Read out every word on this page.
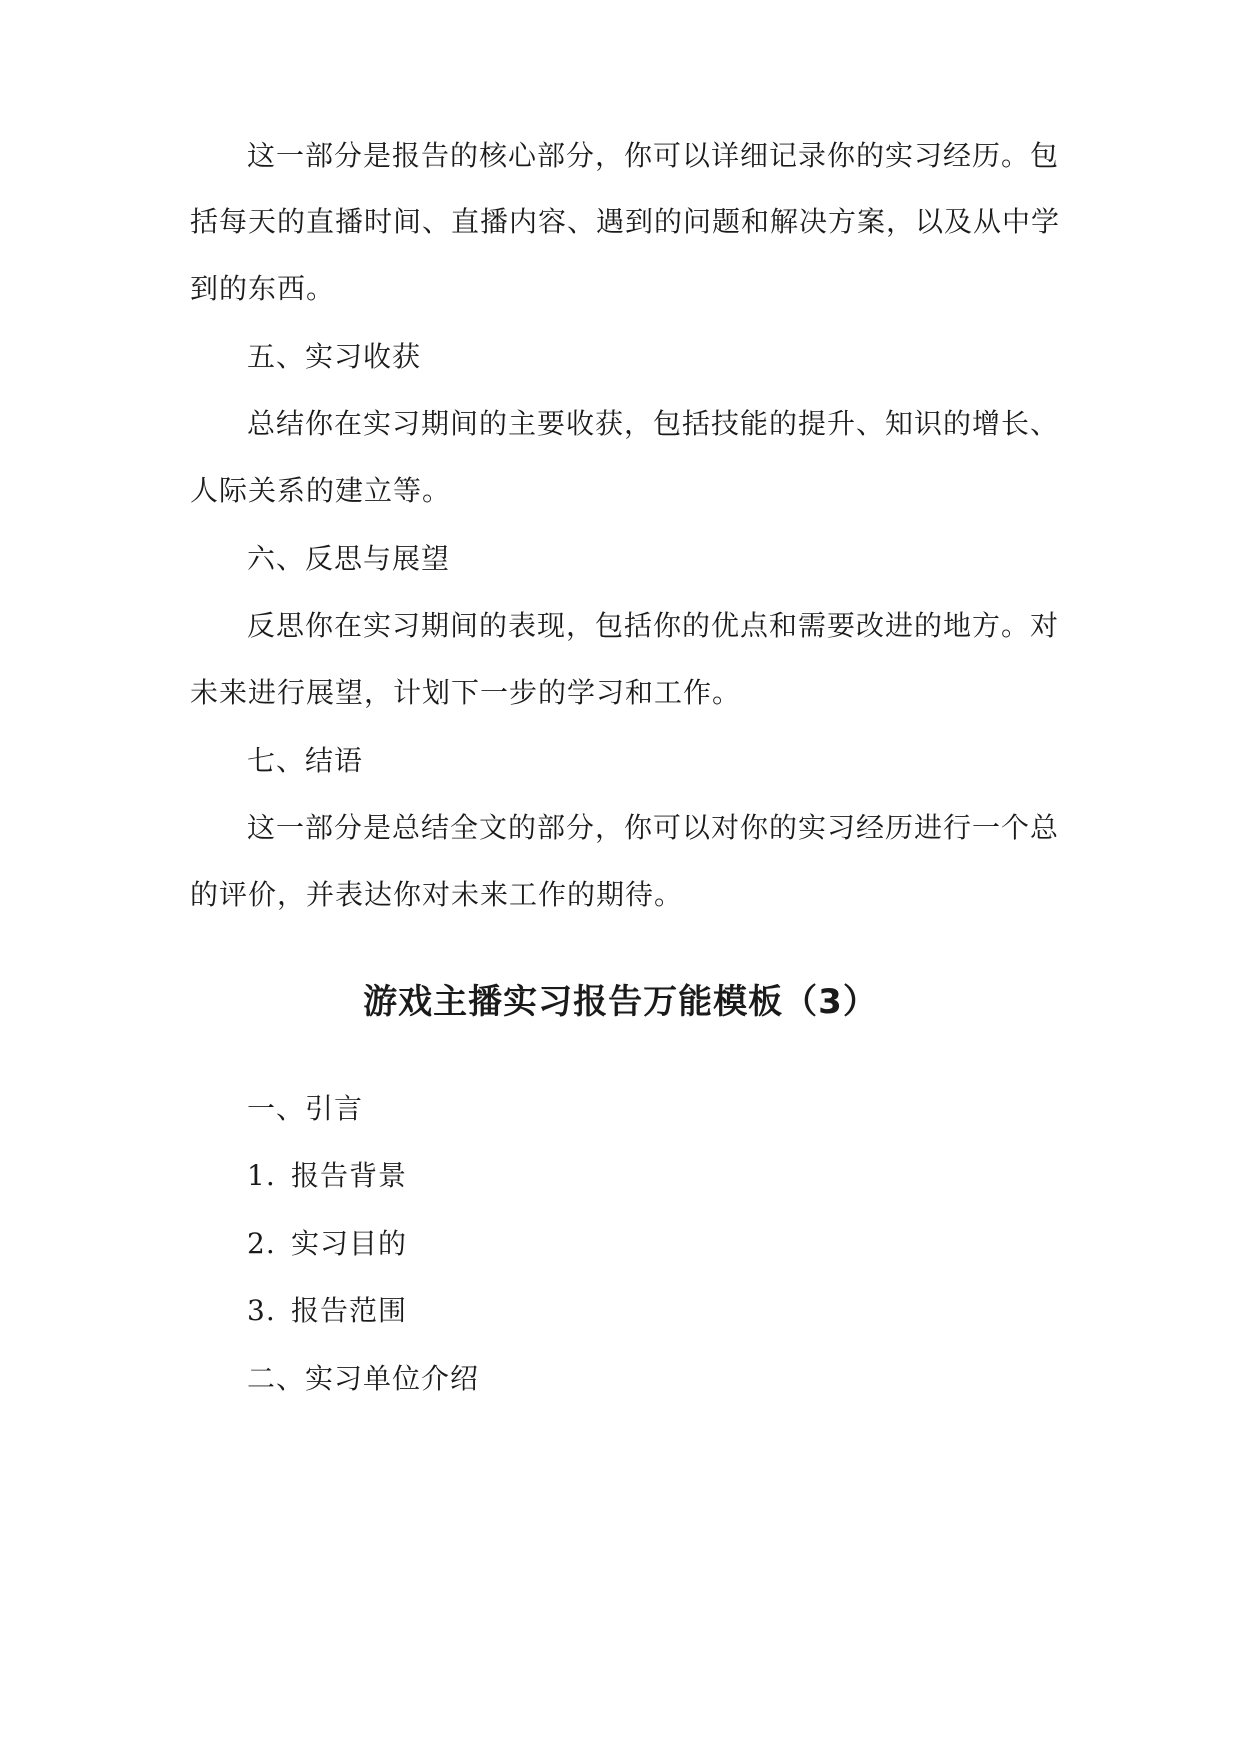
这一部分是报告的核心部分，你可以详细记录你的实习经历。包
括每天的直播时间、直播内容、遇到的问题和解决方案，以及从中学
到的东西。
五、实习收获
总结你在实习期间的主要收获，包括技能的提升、知识的增长、
人际关系的建立等。
六、反思与展望
反思你在实习期间的表现，包括你的优点和需要改进的地方。对
未来进行展望，计划下一步的学习和工作。
七、结语
这一部分是总结全文的部分，你可以对你的实习经历进行一个总
的评价，并表达你对未来工作的期待。
游戏主播实习报告万能模板（3）
一、引言
1. 报告背景
2. 实习目的
3. 报告范围
二、实习单位介绍
